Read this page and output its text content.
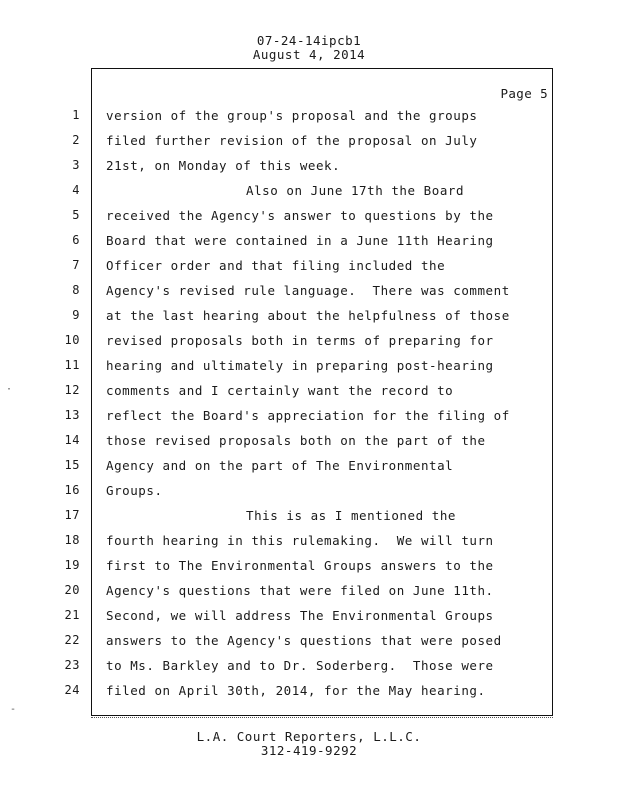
07-24-14ipcb1
August 4, 2014
Page 5
1 version of the group's proposal and the groups
2 filed further revision of the proposal on July
3 21st, on Monday of this week.
4	Also on June 17th the Board
5 received the Agency's answer to questions by the
6 Board that were contained in a June 11th Hearing
7 Officer order and that filing included the
8 Agency's revised rule language.  There was comment
9 at the last hearing about the helpfulness of those
10 revised proposals both in terms of preparing for
11 hearing and ultimately in preparing post-hearing
12 comments and I certainly want the record to
13 reflect the Board's appreciation for the filing of
14 those revised proposals both on the part of the
15 Agency and on the part of The Environmental
16 Groups.
17	This is as I mentioned the
18 fourth hearing in this rulemaking.  We will turn
19 first to The Environmental Groups answers to the
20 Agency's questions that were filed on June 11th.
21 Second, we will address The Environmental Groups
22 answers to the Agency's questions that were posed
23 to Ms. Barkley and to Dr. Soderberg.  Those were
24 filed on April 30th, 2014, for the May hearing.
·
-
L.A. Court Reporters, L.L.C.
312-419-9292
